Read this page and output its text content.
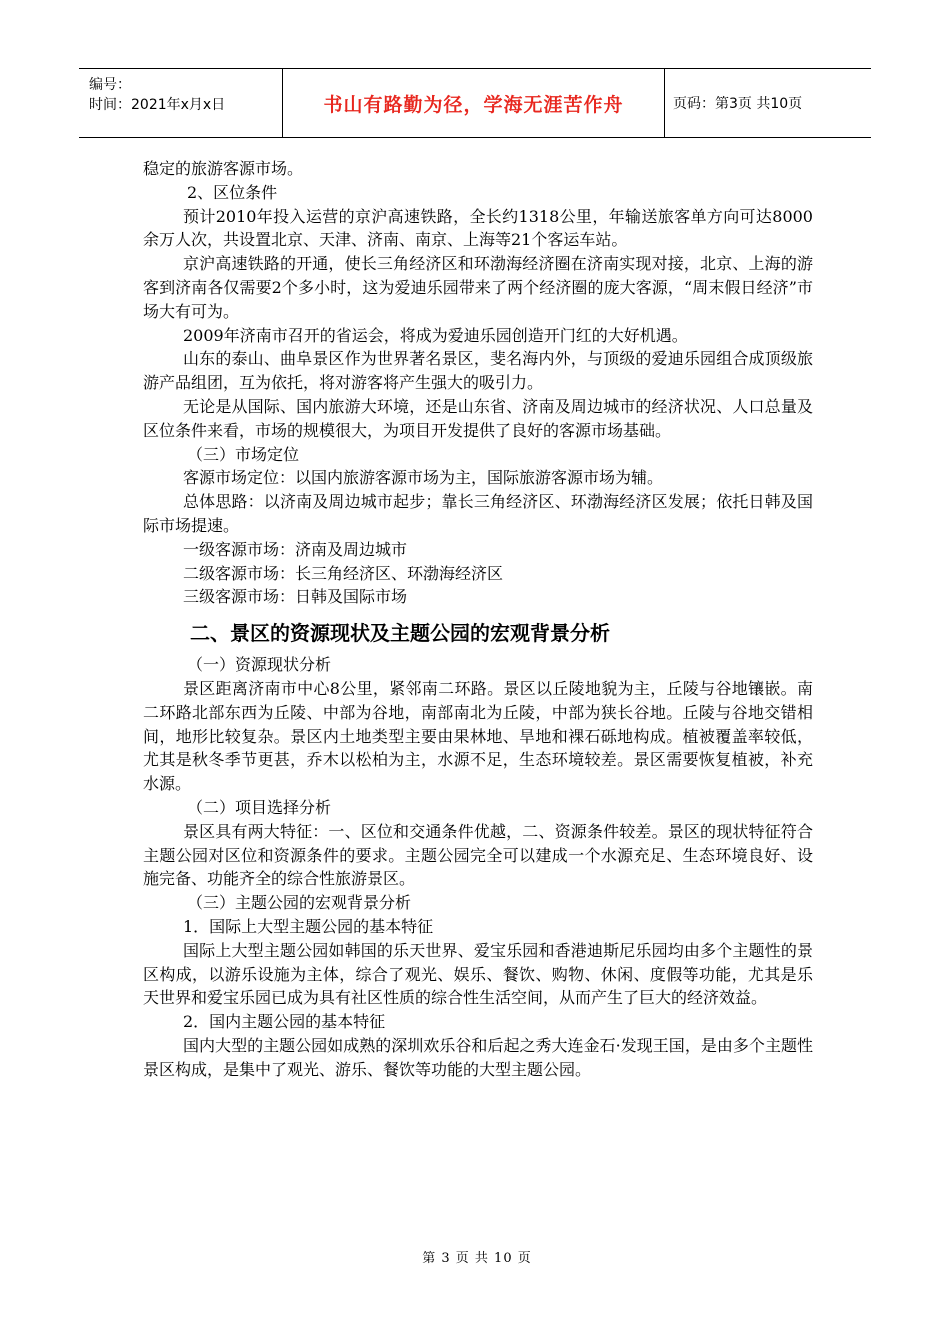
编号：
时间：2021年x月x日	书山有路勤为径，学海无涯苦作舟	页码：第3页 共10页

稳定的旅游客源市场。

2、区位条件

预计2010年投入运营的京沪高速铁路，全长约1318公里，年输送旅客单方向可达8000余万人次，共设置北京、天津、济南、南京、上海等21个客运车站。

京沪高速铁路的开通，使长三角经济区和环渤海经济圈在济南实现对接，北京、上海的游客到济南各仅需要2个多小时，这为爱迪乐园带来了两个经济圈的庞大客源，“周末假日经济”市场大有可为。

2009年济南市召开的省运会，将成为爱迪乐园创造开门红的大好机遇。

山东的泰山、曲阜景区作为世界著名景区，斐名海内外，与顶级的爱迪乐园组合成顶级旅游产品组团，互为依托，将对游客将产生强大的吸引力。

无论是从国际、国内旅游大环境，还是山东省、济南及周边城市的经济状况、人口总量及区位条件来看，市场的规模很大，为项目开发提供了良好的客源市场基础。

（三）市场定位

客源市场定位：以国内旅游客源市场为主，国际旅游客源市场为辅。

总体思路：以济南及周边城市起步；靠长三角经济区、环渤海经济区发展；依托日韩及国际市场提速。

一级客源市场：济南及周边城市

二级客源市场：长三角经济区、环渤海经济区

三级客源市场：日韩及国际市场

二、景区的资源现状及主题公园的宏观背景分析

（一）资源现状分析

景区距离济南市中心8公里，紧邻南二环路。景区以丘陵地貌为主，丘陵与谷地镶嵌。南二环路北部东西为丘陵、中部为谷地，南部南北为丘陵，中部为狭长谷地。丘陵与谷地交错相间，地形比较复杂。景区内土地类型主要由果林地、旱地和裸石砾地构成。植被覆盖率较低，尤其是秋冬季节更甚，乔木以松柏为主，水源不足，生态环境较差。景区需要恢复植被，补充水源。

（二）项目选择分析

景区具有两大特征：一、区位和交通条件优越，二、资源条件较差。景区的现状特征符合主题公园对区位和资源条件的要求。主题公园完全可以建成一个水源充足、生态环境良好、设施完备、功能齐全的综合性旅游景区。

（三）主题公园的宏观背景分析

1．国际上大型主题公园的基本特征

国际上大型主题公园如韩国的乐天世界、爱宝乐园和香港迪斯尼乐园均由多个主题性的景区构成，以游乐设施为主体，综合了观光、娱乐、餐饮、购物、休闲、度假等功能，尤其是乐天世界和爱宝乐园已成为具有社区性质的综合性生活空间，从而产生了巨大的经济效益。

2．国内主题公园的基本特征

国内大型的主题公园如成熟的深圳欢乐谷和后起之秀大连金石·发现王国，是由多个主题性景区构成，是集中了观光、游乐、餐饮等功能的大型主题公园。

第 3 页 共 10 页
